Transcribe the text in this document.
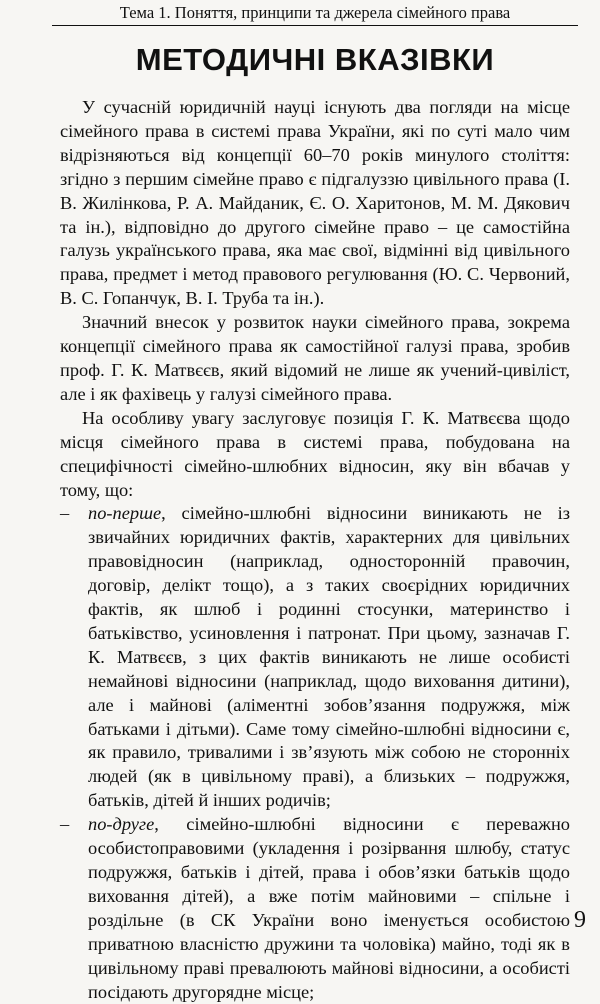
Тема 1. Поняття, принципи та джерела сімейного права
МЕТОДИЧНІ ВКАЗІВКИ

У сучасній юридичній науці існують два погляди на місце сімейного права в системі права України, які по суті мало чим відрізняються від концепції 60–70 років минулого століття: згідно з першим сімейне право є підгалуззю цивільного права (І. В. Жилінкова, Р. А. Майданик, Є. О. Харитонов, М. М. Дякович та ін.), відповідно до другого сімейне право – це самостійна галузь українського права, яка має свої, відмінні від цивільного права, предмет і метод правового регулювання (Ю. С. Червоний, В. С. Гопанчук, В. І. Труба та ін.).

Значний внесок у розвиток науки сімейного права, зокрема концепції сімейного права як самостійної галузі права, зробив проф. Г. К. Матвєєв, який відомий не лише як учений-цивіліст, але і як фахівець у галузі сімейного права.

На особливу увагу заслуговує позиція Г. К. Матвєєва щодо місця сімейного права в системі права, побудована на специфічності сімейно-шлюбних відносин, яку він вбачав у тому, що:

– по-перше, сімейно-шлюбні відносини виникають не із звичайних юридичних фактів, характерних для цивільних правовідносин (наприклад, односторонній правочин, договір, делікт тощо), а з таких своєрідних юридичних фактів, як шлюб і родинні стосунки, материнство і батьківство, усиновлення і патронат. При цьому, зазначав Г. К. Матвєєв, з цих фактів виникають не лише особисті немайнові відносини (наприклад, щодо виховання дитини), але і майнові (аліментні зобов’язання подружжя, між батьками і дітьми). Саме тому сімейно-шлюбні відносини є, як правило, тривалими і зв’язують між собою не сторонніх людей (як в цивільному праві), а близьких – подружжя, батьків, дітей й інших родичів;
– по-друге, сімейно-шлюбні відносини є переважно особистоправовими (укладення і розірвання шлюбу, статус подружжя, батьків і дітей, права і обов’язки батьків щодо виховання дітей), а вже потім майновими – спільне і роздільне (в СК України воно іменується особистою приватною власністю дружини та чоловіка) майно, тоді як в цивільному праві превалюють майнові відносини, а особисті посідають другорядне місце;
9
